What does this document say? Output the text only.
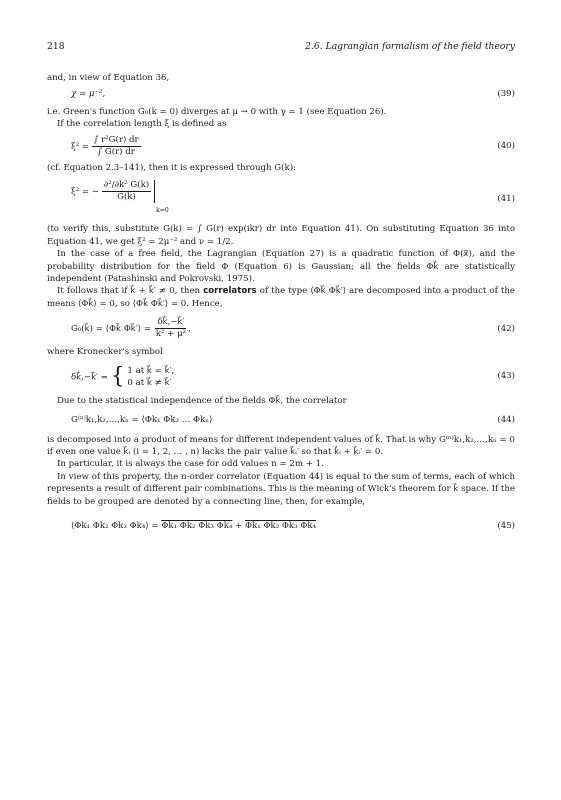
218	2.6. Lagrangian formalism of the field theory

and, in view of Equation 36,

χ = μ⁻²,	(39)

i.e. Green's function G₀(k = 0) diverges at μ → 0 with γ = 1 (see Equation 26).

If the correlation length ξ is defined as

$\xi^2 = \frac{\text{∫ r²G(r) dr}}{\int G(r) dr}$	(40)

(cf. Equation 2.3–141), then it is expressed through G(k):

ξ² = − $\frac{\text{∂²/∂k² G(k)}}{G(k)}$
k=0
(41)

(to verify this, substitute G(k) = ∫ G(r) exp(ikr) dr into Equation 41). On substituting Equation 36 into Equation 41, we get ξ² = 2μ⁻² and ν = 1/2.

In the case of a free field, the Lagrangian (Equation 27) is a quadratic function of Φ(x⃗), and the probability distribution for the field Φ (Equation 6) is Gaussian; all the fields Φk⃗ are statistically independent (Patashinski and Pokrovski, 1975).

It follows that if k⃗ + k⃗′ ≠ 0, then correlators of the type ⟨Φk⃗ Φk⃗′⟩ are decomposed into a product of the means ⟨Φk⃗⟩ = 0, so ⟨Φk⃗ Φk⃗′⟩ = 0. Hence,

G₀(k⃗) = ⟨Φk⃗ Φk⃗′⟩ = $\frac{\delta k⃗,-k⃗'}{\text{k² + μ²}}$ ,	(42)

where Kronecker's symbol

δk⃗,−k⃗′ = { 1 at k⃗ = k⃗′,
0 at k⃗ ≠ k⃗′
(43)

Due to the statistical independence of the fields Φk⃗, the correlator

G⁽ⁿ⁾k₁,k₂,…,kₙ = ⟨Φk₁ Φk₂ … Φkₙ⟩	(44)

is decomposed into a product of means for different independent values of k⃗. That is why G⁽ⁿ⁾k₁,k₂,…,kₙ = 0 if even one value k⃗ᵢ (i = 1, 2, … , n) lacks the pair value k⃗ᵢ′ so that k⃗ᵢ + k⃗ᵢ′ = 0.

In particular, it is always the case for odd values n = 2m + 1.

In view of this property, the n-order correlator (Equation 44) is equal to the sum of terms, each of which represents a result of different pair combinations. This is the meaning of Wick's theorem for k⃗ space. If the fields to be grouped are denoted by a connecting line, then, for example,

⟨Φk₁ Φk₂ Φk₃ Φk₄⟩ = Φk₁ Φk₂ Φk₃ Φk₄ + Φk₁ Φk₂ Φk₃ Φk₄	(45)
